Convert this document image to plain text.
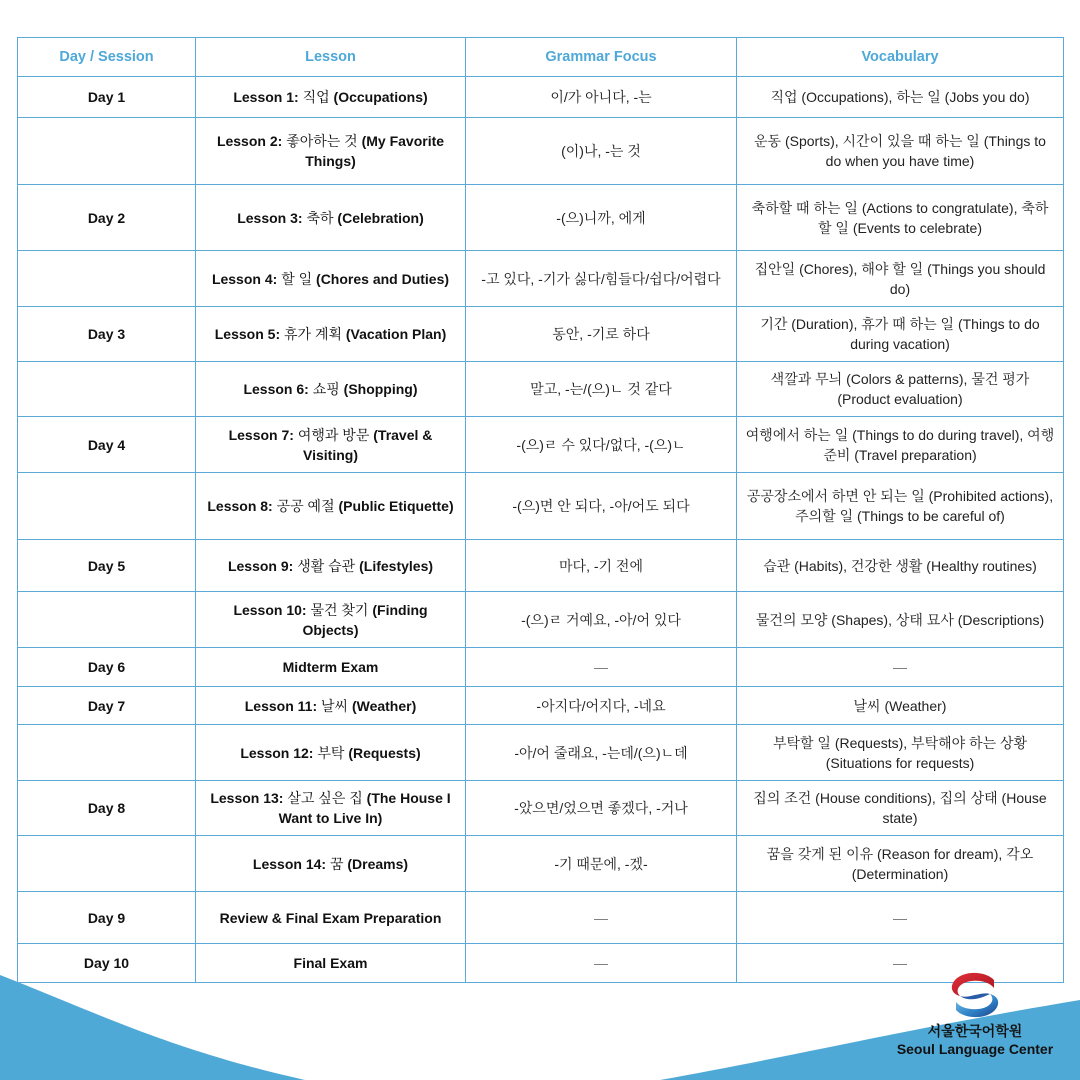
Day / Session	Lesson	Grammar Focus	Vocabulary
Day 1	Lesson 1: 직업 (Occupations)	이/가 아니다, -는	직업 (Occupations), 하는 일 (Jobs you do)
	Lesson 2: 좋아하는 것 (My Favorite Things)	(이)나, -는 것	운동 (Sports), 시간이 있을 때 하는 일 (Things to do when you have time)
Day 2	Lesson 3: 축하 (Celebration)	-(으)니까, 에게	축하할 때 하는 일 (Actions to congratulate), 축하할 일 (Events to celebrate)
	Lesson 4: 할 일 (Chores and Duties)	-고 있다, -기가 싫다/힘들다/쉽다/어렵다	집안일 (Chores), 해야 할 일 (Things you should do)
Day 3	Lesson 5: 휴가 계획 (Vacation Plan)	동안, -기로 하다	기간 (Duration), 휴가 때 하는 일 (Things to do during vacation)
	Lesson 6: 쇼핑 (Shopping)	말고, -는/(으)ㄴ 것 같다	색깔과 무늬 (Colors & patterns), 물건 평가 (Product evaluation)
Day 4	Lesson 7: 여행과 방문 (Travel & Visiting)	-(으)ㄹ 수 있다/없다, -(으)ㄴ	여행에서 하는 일 (Things to do during travel), 여행 준비 (Travel preparation)
	Lesson 8: 공공 예절 (Public Etiquette)	-(으)면 안 되다, -아/어도 되다	공공장소에서 하면 안 되는 일 (Prohibited actions), 주의할 일 (Things to be careful of)
Day 5	Lesson 9: 생활 습관 (Lifestyles)	마다, -기 전에	습관 (Habits), 건강한 생활 (Healthy routines)
	Lesson 10: 물건 찾기 (Finding Objects)	-(으)ㄹ 거예요, -아/어 있다	물건의 모양 (Shapes), 상태 묘사 (Descriptions)
Day 6	Midterm Exam	—	—
Day 7	Lesson 11: 날씨 (Weather)	-아지다/어지다, -네요	날씨 (Weather)
	Lesson 12: 부탁 (Requests)	-아/어 줄래요, -는데/(으)ㄴ데	부탁할 일 (Requests), 부탁해야 하는 상황 (Situations for requests)
Day 8	Lesson 13: 살고 싶은 집 (The House I Want to Live In)	-았으면/었으면 좋겠다, -거나	집의 조건 (House conditions), 집의 상태 (House state)
	Lesson 14: 꿈 (Dreams)	-기 때문에, -겠-	꿈을 갖게 된 이유 (Reason for dream), 각오 (Determination)
Day 9	Review & Final Exam Preparation	—	—
Day 10	Final Exam	—	—
서울한국어학원
Seoul Language Center
